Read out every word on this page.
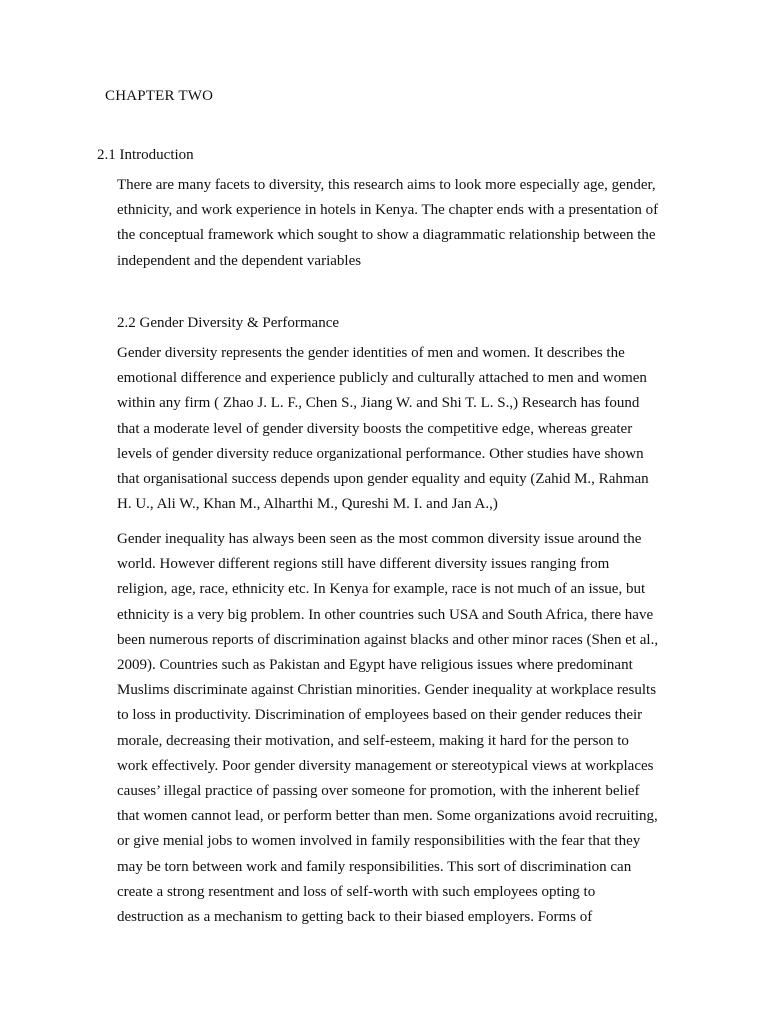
CHAPTER TWO
2.1 Introduction

There are many facets to diversity, this research aims to look more especially age, gender,
ethnicity, and work experience in hotels in Kenya. The chapter ends with a presentation of
the conceptual framework which sought to show a diagrammatic relationship between the
independent and the dependent variables

2.2 Gender Diversity & Performance

Gender diversity represents the gender identities of men and women. It describes the
emotional difference and experience publicly and culturally attached to men and women
within any firm ( Zhao J. L. F., Chen S., Jiang W. and Shi T. L. S.,) Research has found
that a moderate level of gender diversity boosts the competitive edge, whereas greater
levels of gender diversity reduce organizational performance. Other studies have shown
that organisational success depends upon gender equality and equity (Zahid M., Rahman
H. U., Ali W., Khan M., Alharthi M., Qureshi M. I. and Jan A.,)

Gender inequality has always been seen as the most common diversity issue around the
world. However different regions still have different diversity issues ranging from
religion, age, race, ethnicity etc. In Kenya for example, race is not much of an issue, but
ethnicity is a very big problem. In other countries such USA and South Africa, there have
been numerous reports of discrimination against blacks and other minor races (Shen et al.,
2009). Countries such as Pakistan and Egypt have religious issues where predominant
Muslims discriminate against Christian minorities. Gender inequality at workplace results
to loss in productivity. Discrimination of employees based on their gender reduces their
morale, decreasing their motivation, and self-esteem, making it hard for the person to
work effectively. Poor gender diversity management or stereotypical views at workplaces
causes’ illegal practice of passing over someone for promotion, with the inherent belief
that women cannot lead, or perform better than men. Some organizations avoid recruiting,
or give menial jobs to women involved in family responsibilities with the fear that they
may be torn between work and family responsibilities. This sort of discrimination can
create a strong resentment and loss of self-worth with such employees opting to
destruction as a mechanism to getting back to their biased employers. Forms of
